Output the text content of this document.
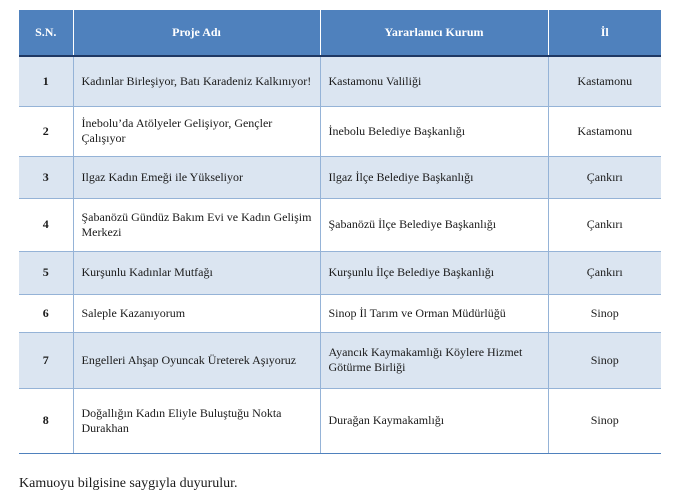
S.N.	Proje Adı	Yararlanıcı Kurum	İl
1	Kadınlar Birleşiyor, Batı Karadeniz Kalkınıyor!	Kastamonu Valiliği	Kastamonu
2	İnebolu’da Atölyeler Gelişiyor, Gençler Çalışıyor	İnebolu Belediye Başkanlığı	Kastamonu
3	Ilgaz Kadın Emeği ile Yükseliyor	Ilgaz İlçe Belediye Başkanlığı	Çankırı
4	Şabanözü Gündüz Bakım Evi ve Kadın Gelişim Merkezi	Şabanözü İlçe Belediye Başkanlığı	Çankırı
5	Kurşunlu Kadınlar Mutfağı	Kurşunlu İlçe Belediye Başkanlığı	Çankırı
6	Saleple Kazanıyorum	Sinop İl Tarım ve Orman Müdürlüğü	Sinop
7	Engelleri Ahşap Oyuncak Üreterek Aşıyoruz	Ayancık Kaymakamlığı Köylere Hizmet Götürme Birliği	Sinop
8	Doğallığın Kadın Eliyle Buluştuğu Nokta Durakhan	Durağan Kaymakamlığı	Sinop

Kamuoyu bilgisine saygıyla duyurulur.
